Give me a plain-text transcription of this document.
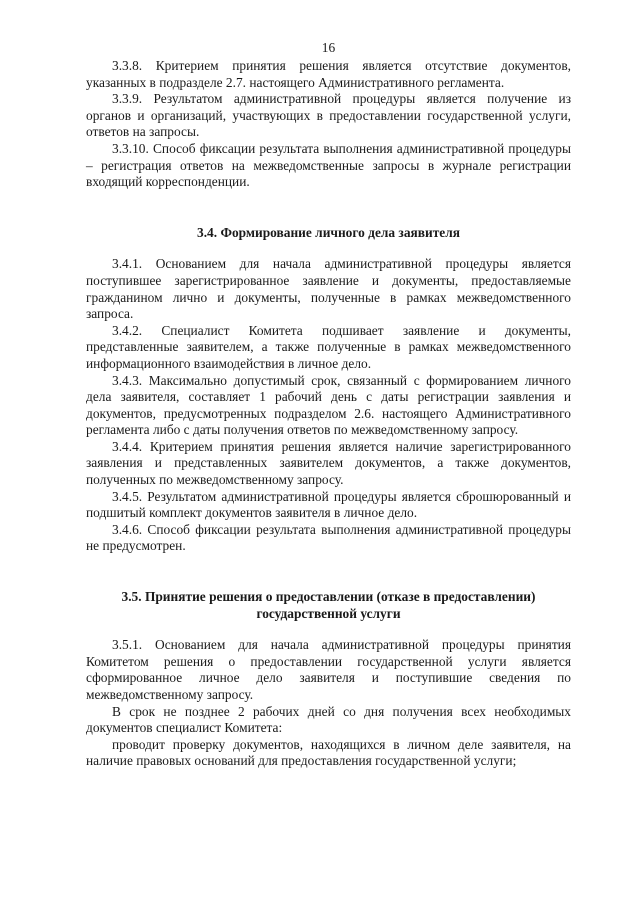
16

3.3.8. Критерием принятия решения является отсутствие документов, указанных в подразделе 2.7. настоящего Административного регламента.

3.3.9. Результатом административной процедуры является получение из органов и организаций, участвующих в предоставлении государственной услуги, ответов на запросы.

3.3.10. Способ фиксации результата выполнения административной процедуры – регистрация ответов на межведомственные запросы в журнале регистрации входящий корреспонденции.

3.4. Формирование личного дела заявителя

3.4.1. Основанием для начала административной процедуры является поступившее зарегистрированное заявление и документы, предоставляемые гражданином лично и документы, полученные в рамках межведомственного запроса.

3.4.2. Специалист Комитета подшивает заявление и документы, представленные заявителем, а также полученные в рамках межведомственного информационного взаимодействия в личное дело.

3.4.3. Максимально допустимый срок, связанный с формированием личного дела заявителя, составляет 1 рабочий день с даты регистрации заявления и документов, предусмотренных подразделом 2.6. настоящего Административного регламента либо с даты получения ответов по межведомственному запросу.

3.4.4. Критерием принятия решения является наличие зарегистрированного заявления и представленных заявителем документов, а также документов, полученных по межведомственному запросу.

3.4.5. Результатом административной процедуры является сброшюрованный и подшитый комплект документов заявителя в личное дело.

3.4.6. Способ фиксации результата выполнения административной процедуры не предусмотрен.

3.5. Принятие решения о предоставлении (отказе в предоставлении) государственной услуги

3.5.1. Основанием для начала административной процедуры принятия Комитетом решения о предоставлении государственной услуги является сформированное личное дело заявителя и поступившие сведения по межведомственному запросу.

В срок не позднее 2 рабочих дней со дня получения всех необходимых документов специалист Комитета:

проводит проверку документов, находящихся в личном деле заявителя, на наличие правовых оснований для предоставления государственной услуги;
